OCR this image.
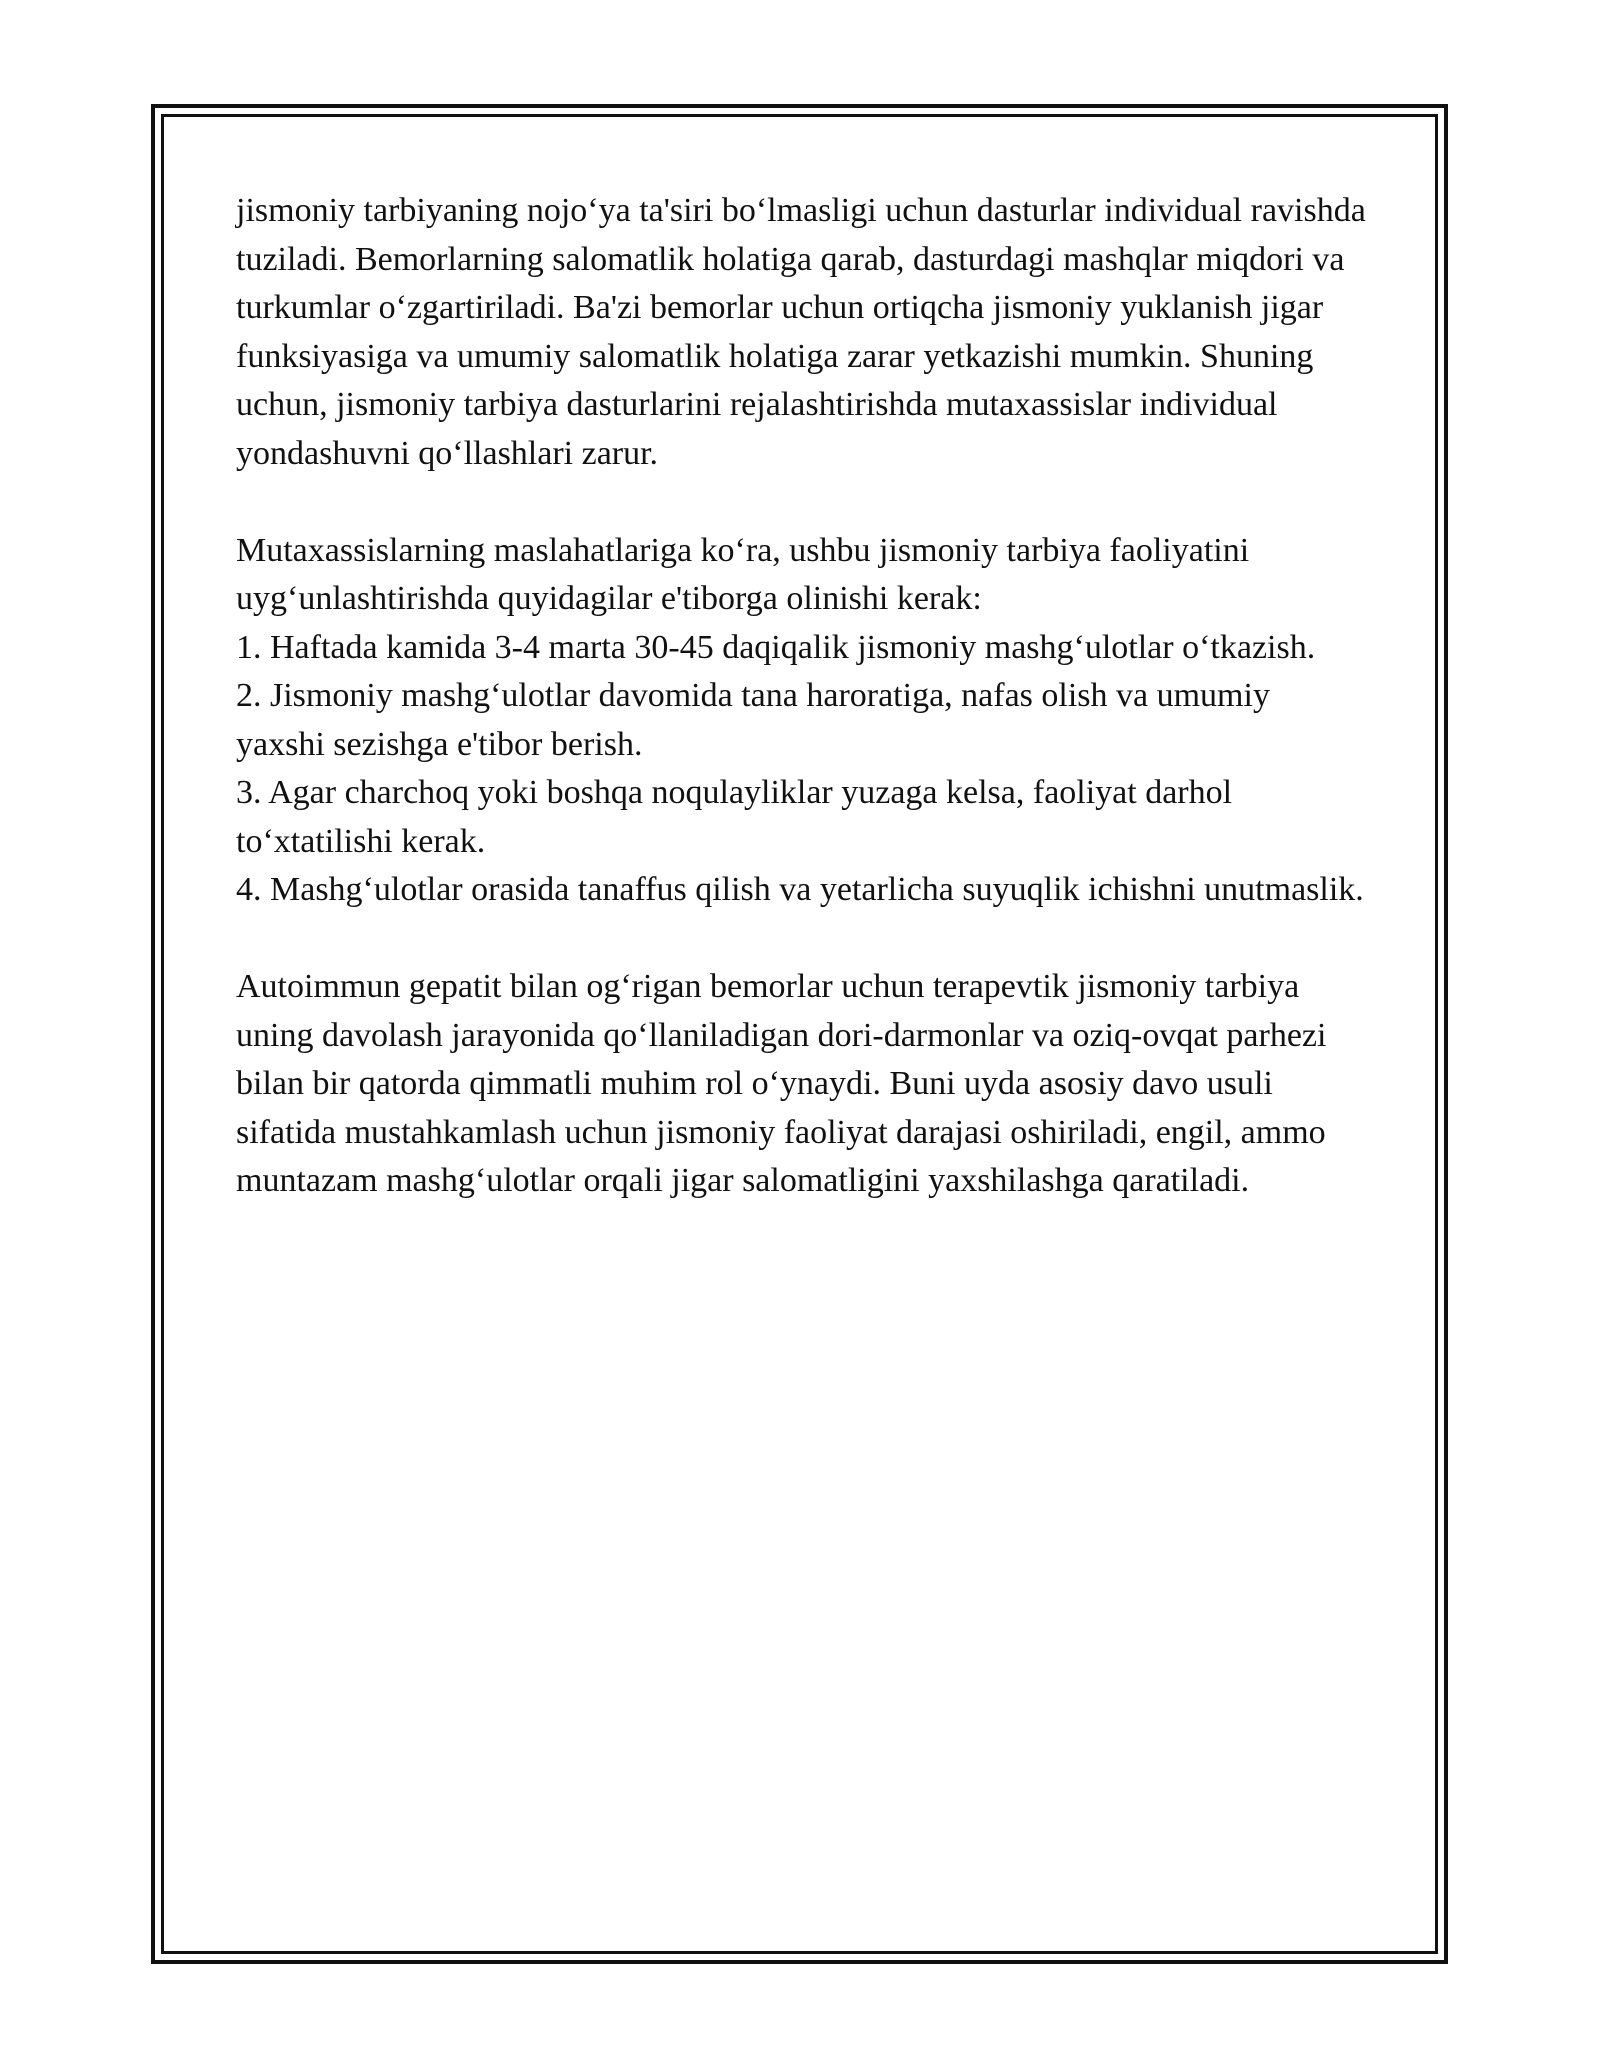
jismoniy tarbiyaning nojo‘ya ta'siri bo‘lmasligi uchun dasturlar individual ravishda tuziladi. Bemorlarning salomatlik holatiga qarab, dasturdagi mashqlar miqdori va turkumlar o‘zgartiriladi. Ba'zi bemorlar uchun ortiqcha jismoniy yuklanish jigar funksiyasiga va umumiy salomatlik holatiga zarar yetkazishi mumkin. Shuning uchun, jismoniy tarbiya dasturlarini rejalashtirishda mutaxassislar individual yondashuvni qo‘llashlari zarur.

Mutaxassislarning maslahatlariga ko‘ra, ushbu jismoniy tarbiya faoliyatini uyg‘unlashtirishda quyidagilar e'tiborga olinishi kerak:
1. Haftada kamida 3-4 marta 30-45 daqiqalik jismoniy mashg‘ulotlar o‘tkazish.
2. Jismoniy mashg‘ulotlar davomida tana haroratiga, nafas olish va umumiy yaxshi sezishga e'tibor berish.
3. Agar charchoq yoki boshqa noqulayliklar yuzaga kelsa, faoliyat darhol to‘xtatilishi kerak.
4. Mashg‘ulotlar orasida tanaffus qilish va yetarlicha suyuqlik ichishni unutmaslik.

Autoimmun gepatit bilan og‘rigan bemorlar uchun terapevtik jismoniy tarbiya uning davolash jarayonida qo‘llaniladigan dori-darmonlar va oziq-ovqat parhezi bilan bir qatorda qimmatli muhim rol o‘ynaydi. Buni uyda asosiy davo usuli sifatida mustahkamlash uchun jismoniy faoliyat darajasi oshiriladi, engil, ammo muntazam mashg‘ulotlar orqali jigar salomatligini yaxshilashga qaratiladi.
